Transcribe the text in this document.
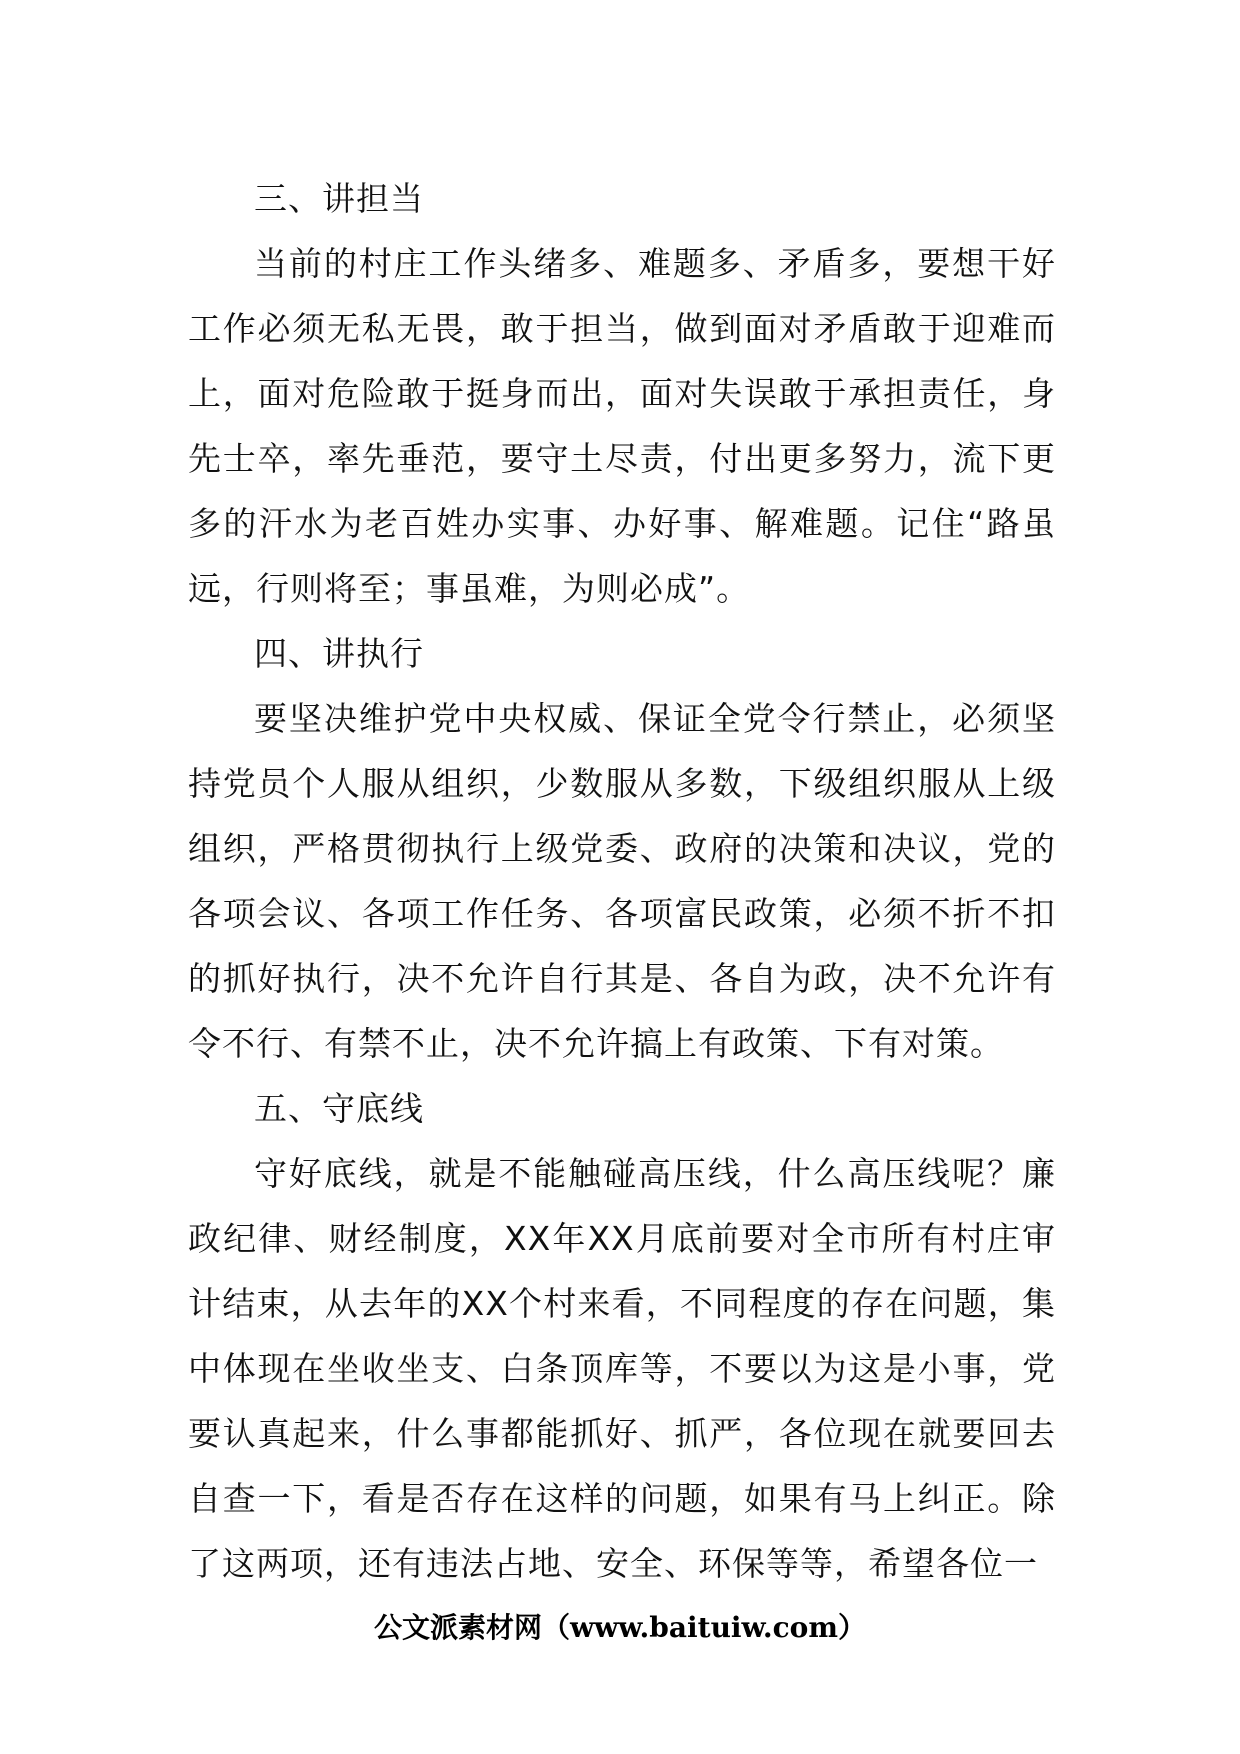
三、讲担当

当前的村庄工作头绪多、难题多、矛盾多，要想干好工作必须无私无畏，敢于担当，做到面对矛盾敢于迎难而上，面对危险敢于挺身而出，面对失误敢于承担责任，身先士卒，率先垂范，要守土尽责，付出更多努力，流下更多的汗水为老百姓办实事、办好事、解难题。记住“路虽远，行则将至；事虽难，为则必成”。

四、讲执行

要坚决维护党中央权威、保证全党令行禁止，必须坚持党员个人服从组织，少数服从多数，下级组织服从上级组织，严格贯彻执行上级党委、政府的决策和决议，党的各项会议、各项工作任务、各项富民政策，必须不折不扣的抓好执行，决不允许自行其是、各自为政，决不允许有令不行、有禁不止，决不允许搞上有政策、下有对策。

五、守底线

守好底线，就是不能触碰高压线，什么高压线呢？廉政纪律、财经制度，XX年XX月底前要对全市所有村庄审计结束，从去年的XX个村来看，不同程度的存在问题，集中体现在坐收坐支、白条顶库等，不要以为这是小事，党要认真起来，什么事都能抓好、抓严，各位现在就要回去自查一下，看是否存在这样的问题，如果有马上纠正。除了这两项，还有违法占地、安全、环保等等，希望各位一

公文派素材网（www.baituiw.com）
